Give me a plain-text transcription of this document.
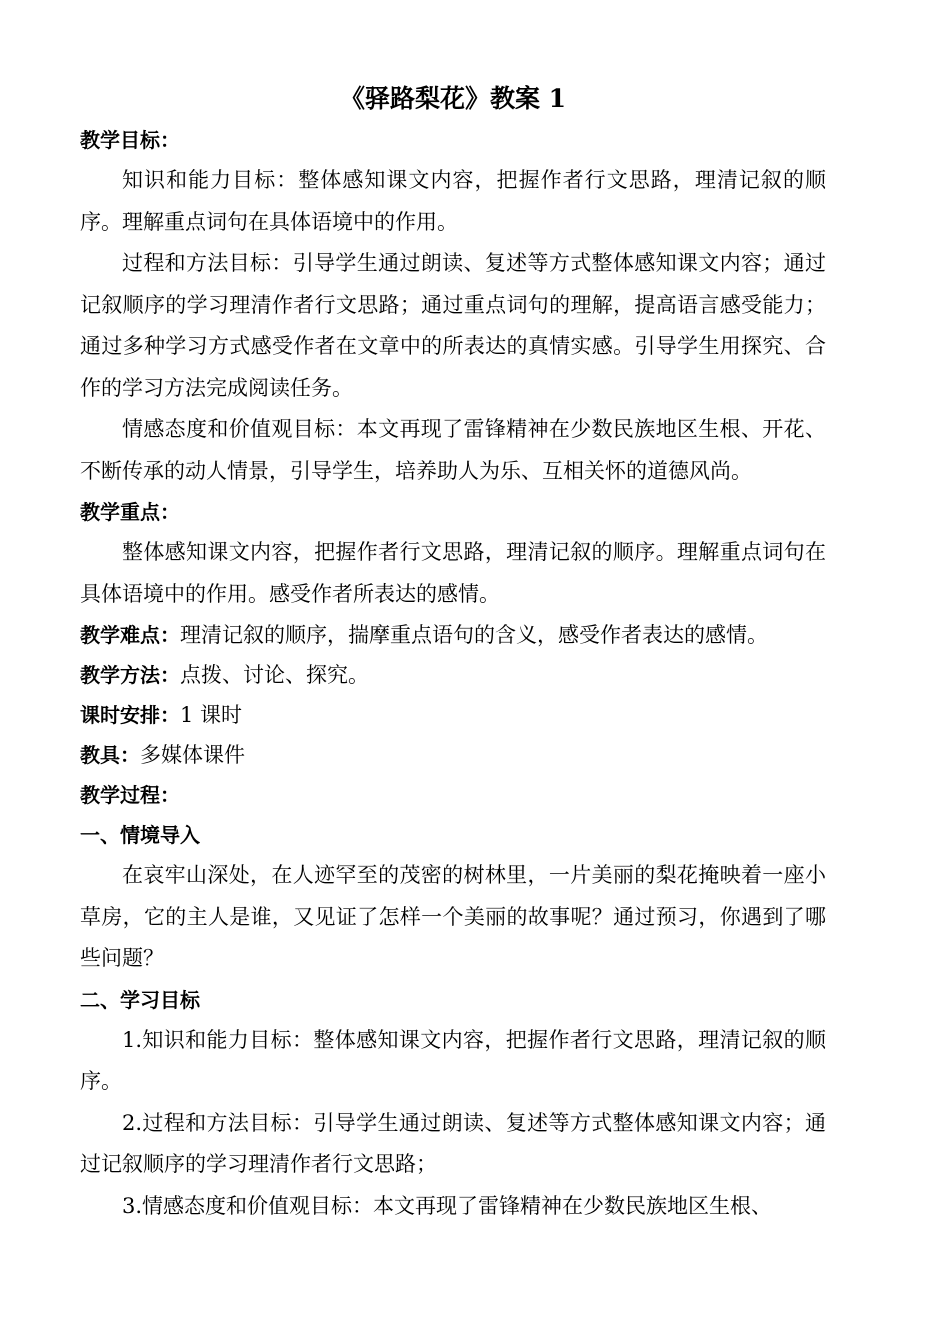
《驿路梨花》教案 1

教学目标：

知识和能力目标：整体感知课文内容，把握作者行文思路，理清记叙的顺序。理解重点词句在具体语境中的作用。

过程和方法目标：引导学生通过朗读、复述等方式整体感知课文内容；通过记叙顺序的学习理清作者行文思路；通过重点词句的理解，提高语言感受能力；通过多种学习方式感受作者在文章中的所表达的真情实感。引导学生用探究、合作的学习方法完成阅读任务。

情感态度和价值观目标：本文再现了雷锋精神在少数民族地区生根、开花、不断传承的动人情景，引导学生，培养助人为乐、互相关怀的道德风尚。

教学重点：

整体感知课文内容，把握作者行文思路，理清记叙的顺序。理解重点词句在具体语境中的作用。感受作者所表达的感情。

教学难点：理清记叙的顺序，揣摩重点语句的含义，感受作者表达的感情。

教学方法：点拨、讨论、探究。

课时安排：1 课时

教具：多媒体课件

教学过程：

一、情境导入

在哀牢山深处，在人迹罕至的茂密的树林里，一片美丽的梨花掩映着一座小草房，它的主人是谁，又见证了怎样一个美丽的故事呢？通过预习，你遇到了哪些问题？

二、学习目标

1.知识和能力目标：整体感知课文内容，把握作者行文思路，理清记叙的顺序。

2.过程和方法目标：引导学生通过朗读、复述等方式整体感知课文内容；通过记叙顺序的学习理清作者行文思路；

3.情感态度和价值观目标：本文再现了雷锋精神在少数民族地区生根、
